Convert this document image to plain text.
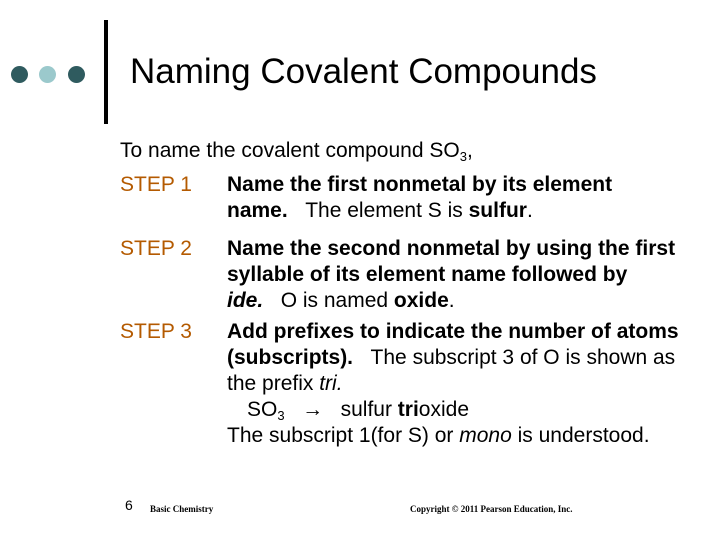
Naming Covalent Compounds
To name the covalent compound $SO_3$,
STEP 1 Name the first nonmetal by its element name. The element S is sulfur.
STEP 2 Name the second nonmetal by using the first syllable of its element name followed by ide. O is named oxide.
STEP 3 Add prefixes to indicate the number of atoms (subscripts). The subscript 3 of O is shown as the prefix tri.
$SO_3$ → sulfur trioxide
The subscript 1(for S) or mono is understood.
6 Basic Chemistry	Copyright © 2011 Pearson Education, Inc.
